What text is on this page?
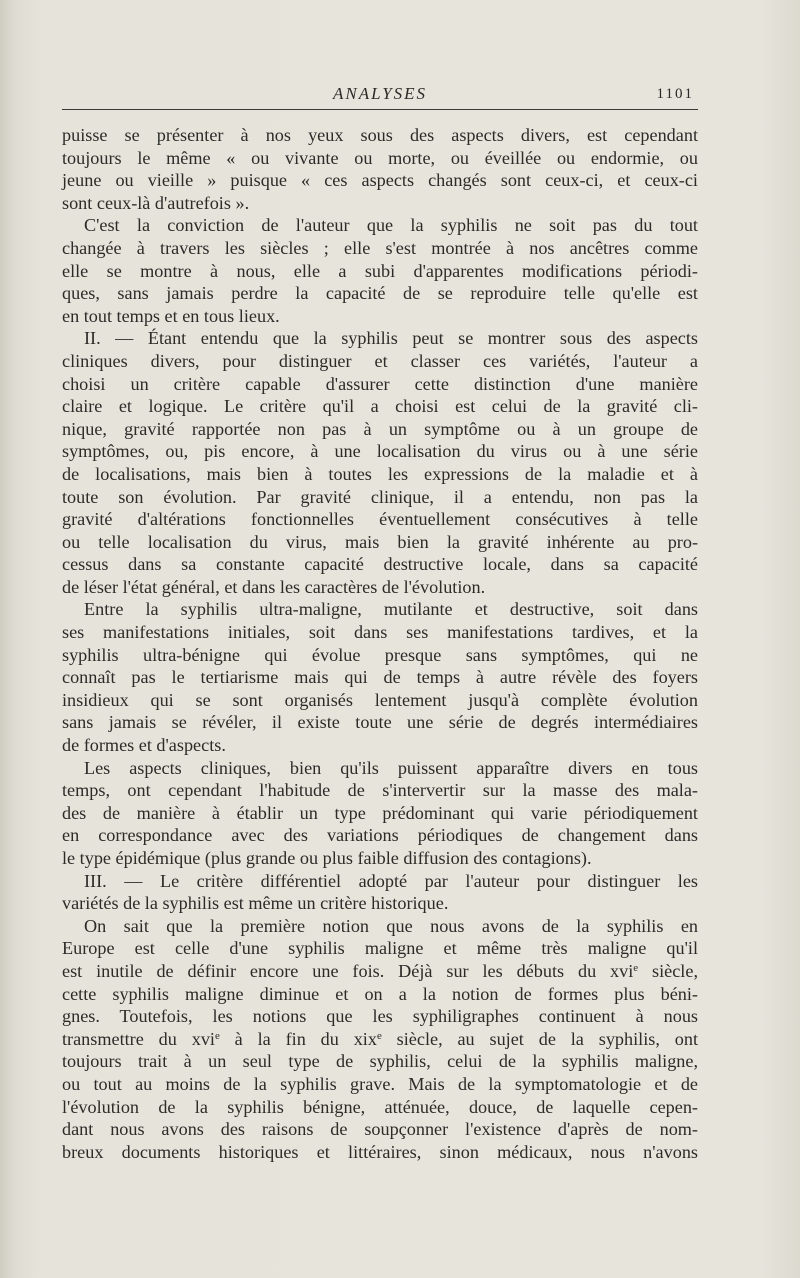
ANALYSES	1101
puisse se présenter à nos yeux sous des aspects divers, est cependant
toujours le même « ou vivante ou morte, ou éveillée ou endormie, ou
jeune ou vieille » puisque « ces aspects changés sont ceux-ci, et ceux-ci
sont ceux-là d'autrefois ».
C'est la conviction de l'auteur que la syphilis ne soit pas du tout
changée à travers les siècles ; elle s'est montrée à nos ancêtres comme
elle se montre à nous, elle a subi d'apparentes modifications périodi-
ques, sans jamais perdre la capacité de se reproduire telle qu'elle est
en tout temps et en tous lieux.
II. — Étant entendu que la syphilis peut se montrer sous des aspects
cliniques divers, pour distinguer et classer ces variétés, l'auteur a
choisi un critère capable d'assurer cette distinction d'une manière
claire et logique. Le critère qu'il a choisi est celui de la gravité cli-
nique, gravité rapportée non pas à un symptôme ou à un groupe de
symptômes, ou, pis encore, à une localisation du virus ou à une série
de localisations, mais bien à toutes les expressions de la maladie et à
toute son évolution. Par gravité clinique, il a entendu, non pas la
gravité d'altérations fonctionnelles éventuellement consécutives à telle
ou telle localisation du virus, mais bien la gravité inhérente au pro-
cessus dans sa constante capacité destructive locale, dans sa capacité
de léser l'état général, et dans les caractères de l'évolution.
Entre la syphilis ultra-maligne, mutilante et destructive, soit dans
ses manifestations initiales, soit dans ses manifestations tardives, et la
syphilis ultra-bénigne qui évolue presque sans symptômes, qui ne
connaît pas le tertiarisme mais qui de temps à autre révèle des foyers
insidieux qui se sont organisés lentement jusqu'à complète évolution
sans jamais se révéler, il existe toute une série de degrés intermédiaires
de formes et d'aspects.
Les aspects cliniques, bien qu'ils puissent apparaître divers en tous
temps, ont cependant l'habitude de s'intervertir sur la masse des mala-
des de manière à établir un type prédominant qui varie périodiquement
en correspondance avec des variations périodiques de changement dans
le type épidémique (plus grande ou plus faible diffusion des contagions).
III. — Le critère différentiel adopté par l'auteur pour distinguer les
variétés de la syphilis est même un critère historique.
On sait que la première notion que nous avons de la syphilis en
Europe est celle d'une syphilis maligne et même très maligne qu'il
est inutile de définir encore une fois. Déjà sur les débuts du xvi$^e$ siècle,
cette syphilis maligne diminue et on a la notion de formes plus béni-
gnes. Toutefois, les notions que les syphiligraphes continuent à nous
transmettre du xvi$^e$ à la fin du xix$^e$ siècle, au sujet de la syphilis, ont
toujours trait à un seul type de syphilis, celui de la syphilis maligne,
ou tout au moins de la syphilis grave. Mais de la symptomatologie et de
l'évolution de la syphilis bénigne, atténuée, douce, de laquelle cepen-
dant nous avons des raisons de soupçonner l'existence d'après de nom-
breux documents historiques et littéraires, sinon médicaux, nous n'avons
